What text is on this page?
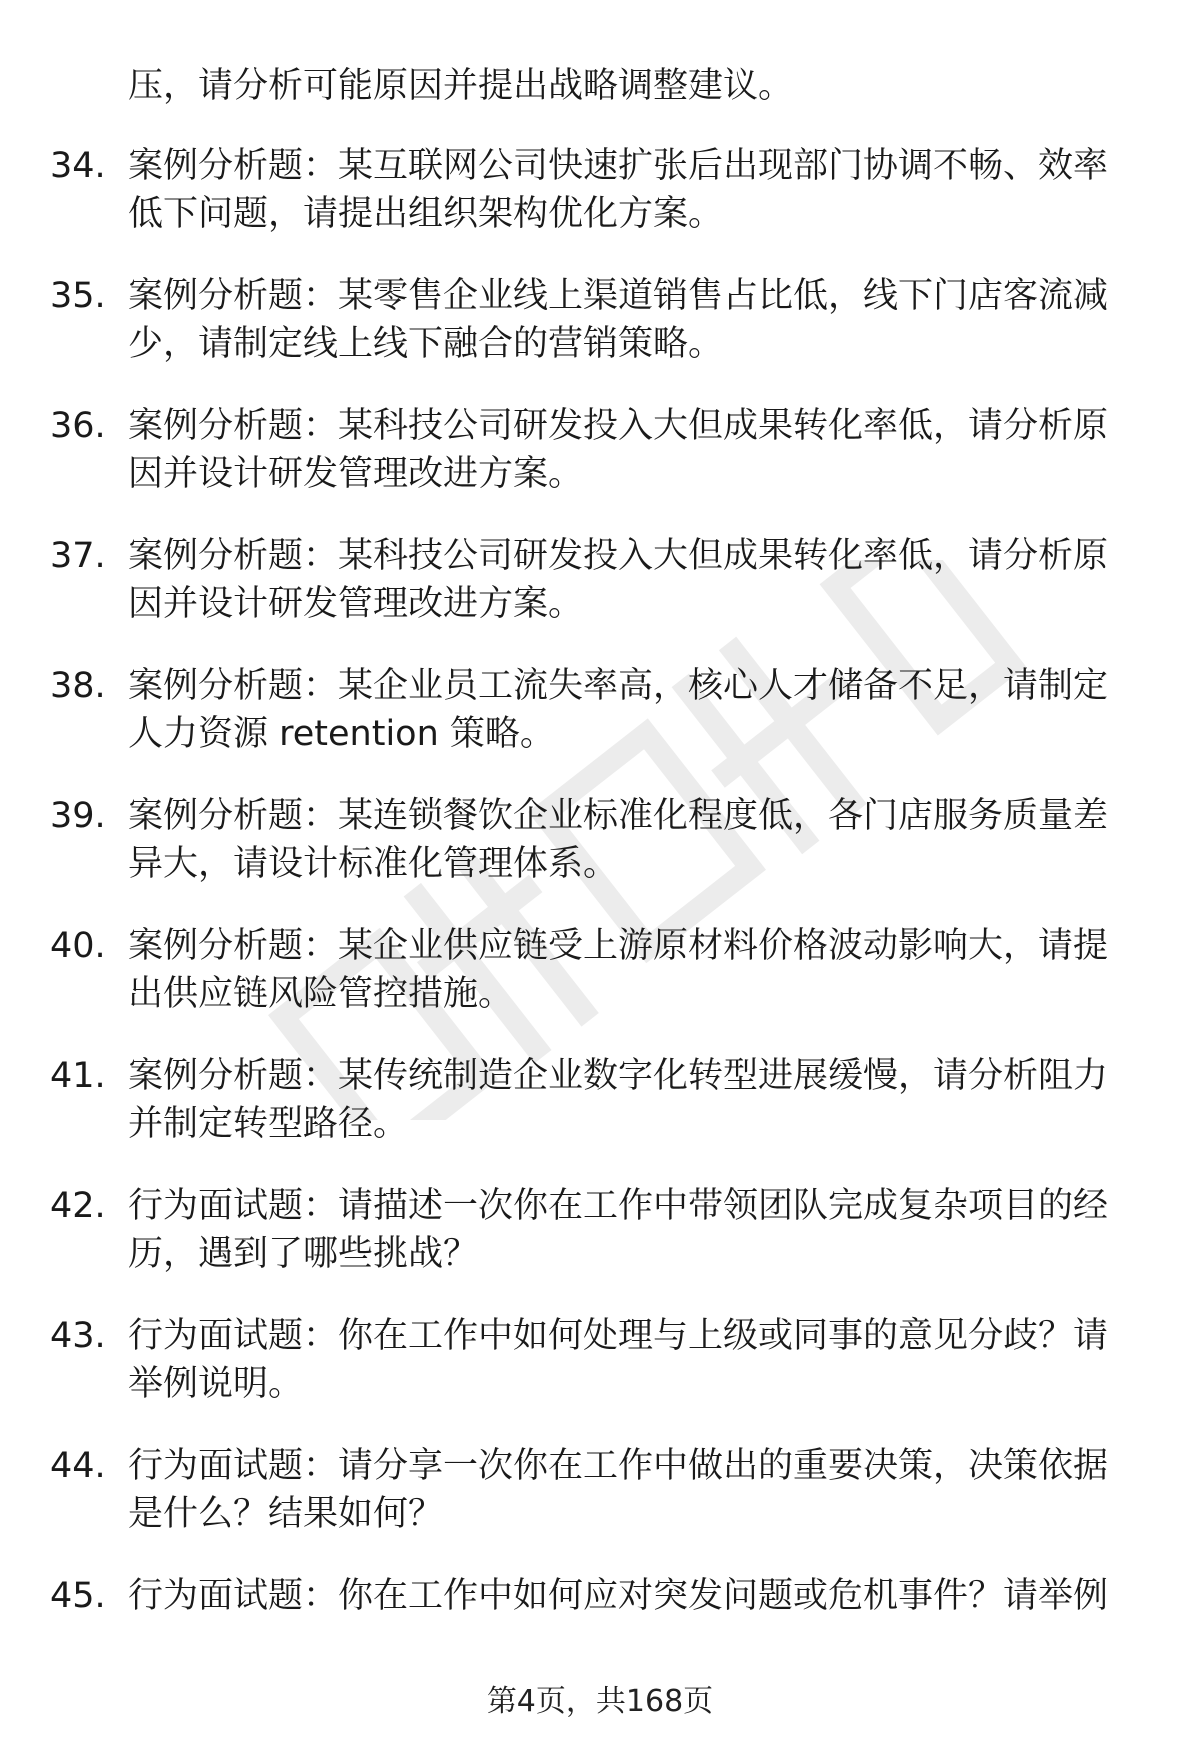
压，请分析可能原因并提出战略调整建议。
34. 案例分析题：某互联网公司快速扩张后出现部门协调不畅、效率
低下问题，请提出组织架构优化方案。
35. 案例分析题：某零售企业线上渠道销售占比低，线下门店客流减
少，请制定线上线下融合的营销策略。
36. 案例分析题：某科技公司研发投入大但成果转化率低，请分析原
因并设计研发管理改进方案。
37. 案例分析题：某科技公司研发投入大但成果转化率低，请分析原
因并设计研发管理改进方案。
38. 案例分析题：某企业员工流失率高，核心人才储备不足，请制定
人力资源 retention 策略。
39. 案例分析题：某连锁餐饮企业标准化程度低，各门店服务质量差
异大，请设计标准化管理体系。
40. 案例分析题：某企业供应链受上游原材料价格波动影响大，请提
出供应链风险管控措施。
41. 案例分析题：某传统制造企业数字化转型进展缓慢，请分析阻力
并制定转型路径。
42. 行为面试题：请描述一次你在工作中带领团队完成复杂项目的经
历，遇到了哪些挑战？
43. 行为面试题：你在工作中如何处理与上级或同事的意见分歧？请
举例说明。
44. 行为面试题：请分享一次你在工作中做出的重要决策，决策依据
是什么？结果如何？
45. 行为面试题：你在工作中如何应对突发问题或危机事件？请举例
第4页，共168页
